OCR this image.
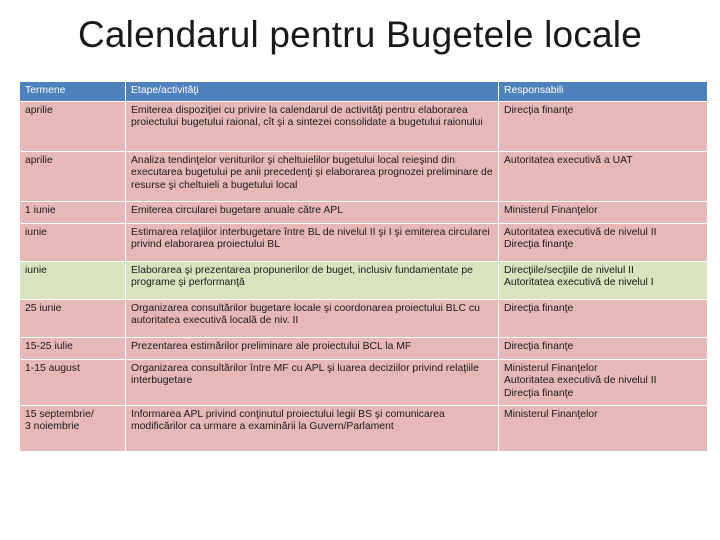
Calendarul pentru Bugetele locale
Termene	Etape/activităţi	Responsabili
aprilie	Emiterea dispoziţiei cu privire la calendarul de activităţi pentru elaborarea proiectului bugetului raional, cît şi a sintezei consolidate a bugetului raionului	Direcţia finanţe
aprilie	Analiza tendinţelor veniturilor şi cheltuielilor bugetului local reieşind din executarea bugetului pe anii precedenţi şi elaborarea prognozei preliminare de resurse şi cheltuieli a bugetului local	Autoritatea executivă a UAT
1 iunie	Emiterea circularei bugetare anuale către APL	Ministerul Finanţelor
iunie	Estimarea relaţiilor interbugetare între BL de nivelul II şi I şi emiterea circularei privind elaborarea proiectului BL	Autoritatea executivă de nivelul II
Direcţia finanţe
iunie	Elaborarea şi prezentarea propunerilor de buget, inclusiv fundamentate pe programe şi performanţă	Direcţiile/secţiile de nivelul II
Autoritatea executivă de nivelul I
25 iunie	Organizarea consultărilor bugetare locale şi coordonarea proiectului BLC cu autoritatea executivă locală de niv. II	Direcţia finanţe
15-25 iulie	Prezentarea estimărilor preliminare ale proiectului BCL la MF	Direcţia finanţe
1-15 august	Organizarea consultărilor între MF cu APL şi luarea deciziilor privind relaţiile interbugetare	Ministerul Finanţelor
Autoritatea executivă de nivelul II
Direcţia finanţe
15 septembrie/
3 noiembrie	Informarea APL privind conţinutul proiectului legii BS şi comunicarea modificărilor ca urmare a examinării la Guvern/Parlament	Ministerul Finanţelor
